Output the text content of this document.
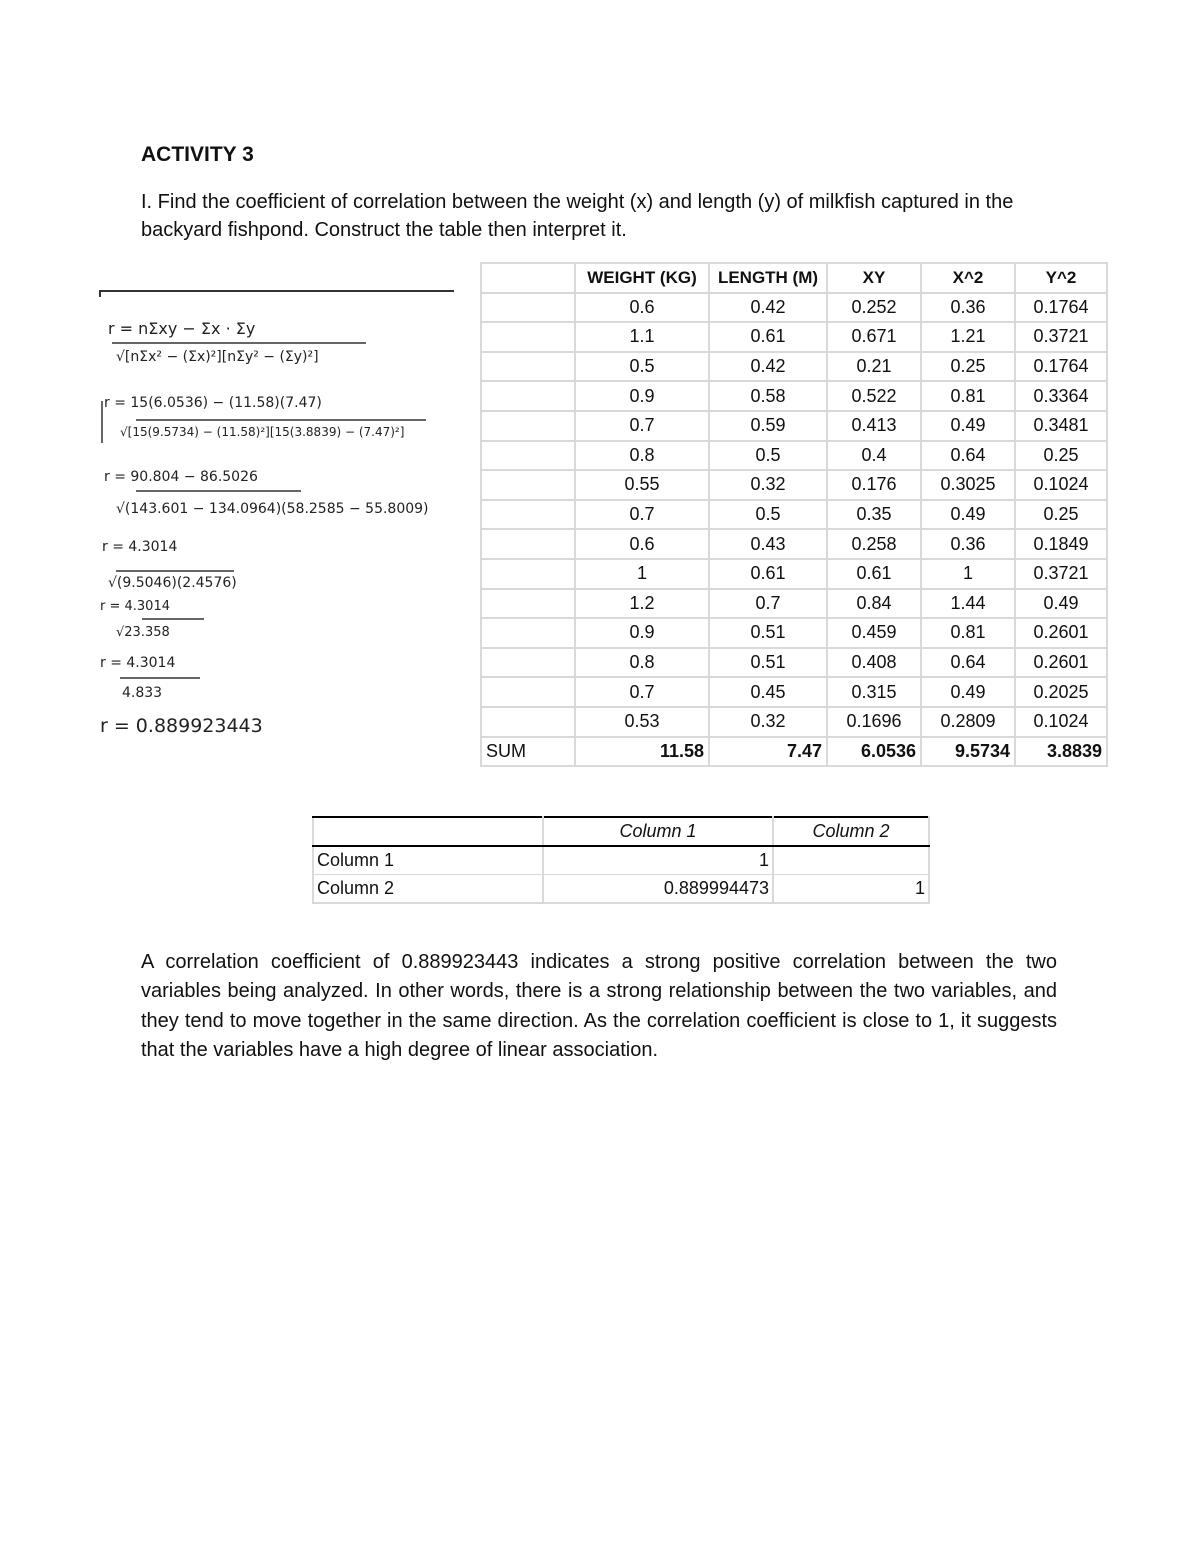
ACTIVITY 3
I. Find the coefficient of correlation between the weight (x) and length (y) of milkfish captured in the backyard fishpond. Construct the table then interpret it.
r = nΣxy − Σx · Σy
√[nΣx² − (Σx)²][nΣy² − (Σy)²]
r = 15(6.0536) − (11.58)(7.47)
√[15(9.5734) − (11.58)²][15(3.8839) − (7.47)²]
r = 90.804 − 86.5026
√(143.601 − 134.0964)(58.2585 − 55.8009)
r = 4.3014
√(9.5046)(2.4576)
r = 4.3014
√23.358
r = 4.3014
4.833
r = 0.889923443
	WEIGHT (KG)	LENGTH (M)	XY	X^2	Y^2
	0.6	0.42	0.252	0.36	0.1764
	1.1	0.61	0.671	1.21	0.3721
	0.5	0.42	0.21	0.25	0.1764
	0.9	0.58	0.522	0.81	0.3364
	0.7	0.59	0.413	0.49	0.3481
	0.8	0.5	0.4	0.64	0.25
	0.55	0.32	0.176	0.3025	0.1024
	0.7	0.5	0.35	0.49	0.25
	0.6	0.43	0.258	0.36	0.1849
	1	0.61	0.61	1	0.3721
	1.2	0.7	0.84	1.44	0.49
	0.9	0.51	0.459	0.81	0.2601
	0.8	0.51	0.408	0.64	0.2601
	0.7	0.45	0.315	0.49	0.2025
	0.53	0.32	0.1696	0.2809	0.1024
SUM	11.58	7.47	6.0536	9.5734	3.8839
	Column 1	Column 2
Column 1	1	
Column 2	0.889994473	1
A correlation coefficient of 0.889923443 indicates a strong positive correlation between the two variables being analyzed. In other words, there is a strong relationship between the two variables, and they tend to move together in the same direction. As the correlation coefficient is close to 1, it suggests that the variables have a high degree of linear association.
